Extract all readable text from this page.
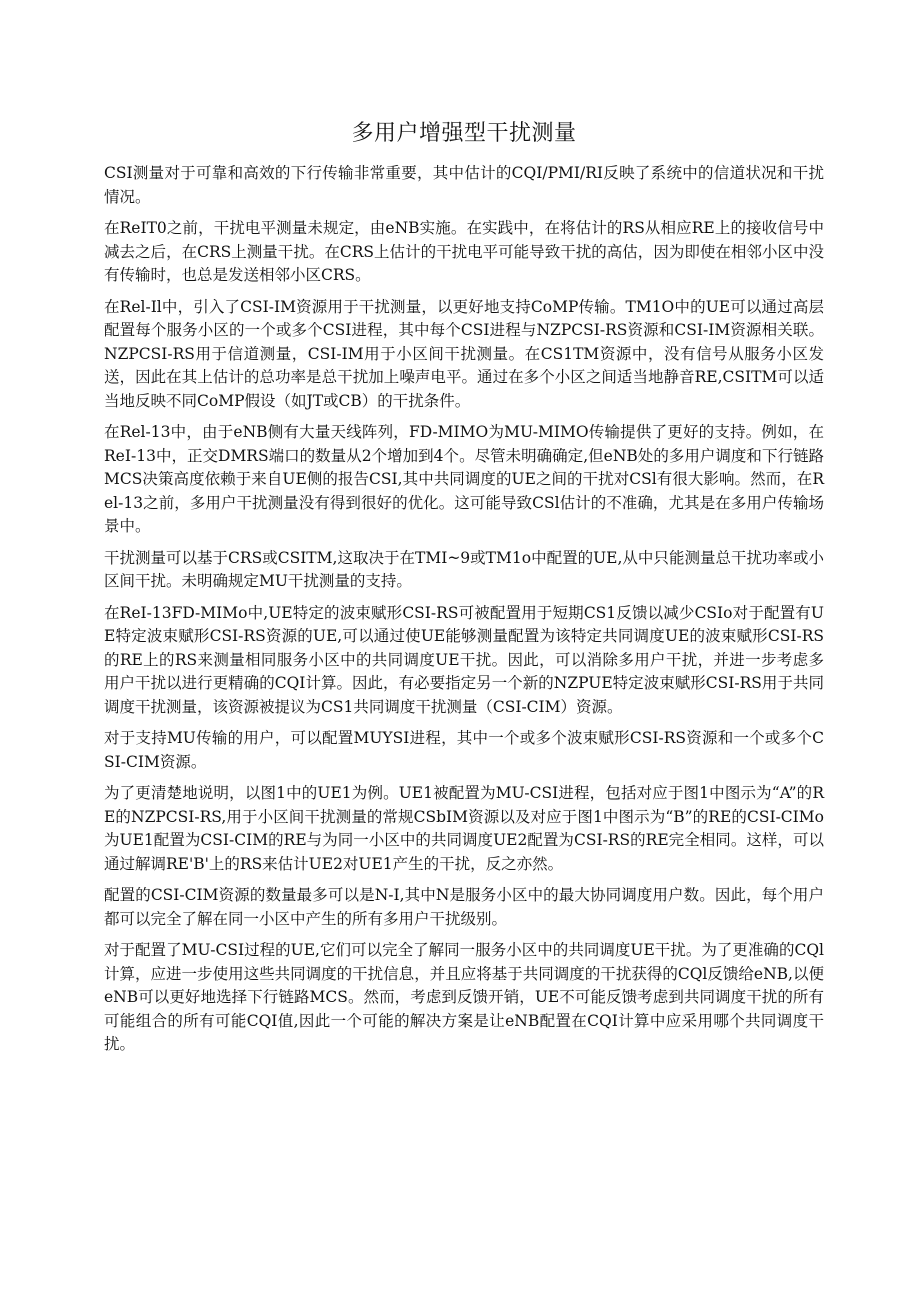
多用户增强型干扰测量

CSI测量对于可靠和高效的下行传输非常重要，其中估计的CQI/PMI/RI反映了系统中的信道状况和干扰情况。

在ReIT0之前，干扰电平测量未规定，由eNB实施。在实践中，在将估计的RS从相应RE上的接收信号中减去之后，在CRS上测量干扰。在CRS上估计的干扰电平可能导致干扰的高估，因为即使在相邻小区中没有传输时，也总是发送相邻小区CRS。

在Rel-Il中，引入了CSI-IM资源用于干扰测量，以更好地支持CoMP传输。TM1O中的UE可以通过高层配置每个服务小区的一个或多个CSI进程，其中每个CSI进程与NZPCSI-RS资源和CSI-IM资源相关联。NZPCSI-RS用于信道测量，CSI-IM用于小区间干扰测量。在CS1TM资源中，没有信号从服务小区发送，因此在其上估计的总功率是总干扰加上噪声电平。通过在多个小区之间适当地静音RE,CSITM可以适当地反映不同CoMP假设（如JT或CB）的干扰条件。

在Rel-13中，由于eNB侧有大量天线阵列，FD-MIMO为MU-MIMO传输提供了更好的支持。例如，在ReI-13中，正交DMRS端口的数量从2个增加到4个。尽管未明确确定,但eNB处的多用户调度和下行链路MCS决策高度依赖于来自UE侧的报告CSI,其中共同调度的UE之间的干扰对CSl有很大影响。然而，在Rel-13之前，多用户干扰测量没有得到很好的优化。这可能导致CSl估计的不准确，尤其是在多用户传输场景中。

干扰测量可以基于CRS或CSITM,这取决于在TMI~9或TM1o中配置的UE,从中只能测量总干扰功率或小区间干扰。未明确规定MU干扰测量的支持。

在ReI-13FD-MIMo中,UE特定的波束赋形CSI-RS可被配置用于短期CS1反馈以减少CSIo对于配置有UE特定波束赋形CSI-RS资源的UE,可以通过使UE能够测量配置为该特定共同调度UE的波束赋形CSI-RS的RE上的RS来测量相同服务小区中的共同调度UE干扰。因此，可以消除多用户干扰，并进一步考虑多用户干扰以进行更精确的CQI计算。因此，有必要指定另一个新的NZPUE特定波束赋形CSI-RS用于共同调度干扰测量，该资源被提议为CS1共同调度干扰测量（CSI-CIM）资源。

对于支持MU传输的用户，可以配置MUYSI进程，其中一个或多个波束赋形CSI-RS资源和一个或多个CSI-CIM资源。

为了更清楚地说明，以图1中的UE1为例。UE1被配置为MU-CSI进程，包括对应于图1中图示为“A”的RE的NZPCSI-RS,用于小区间干扰测量的常规CSbIM资源以及对应于图1中图示为“B”的RE的CSI-CIMo为UE1配置为CSI-CIM的RE与为同一小区中的共同调度UE2配置为CSI-RS的RE完全相同。这样，可以通过解调RE'B'上的RS来估计UE2对UE1产生的干扰，反之亦然。

配置的CSI-CIM资源的数量最多可以是N-I,其中N是服务小区中的最大协同调度用户数。因此，每个用户都可以完全了解在同一小区中产生的所有多用户干扰级别。

对于配置了MU-CSI过程的UE,它们可以完全了解同一服务小区中的共同调度UE干扰。为了更准确的CQl计算，应进一步使用这些共同调度的干扰信息，并且应将基于共同调度的干扰获得的CQl反馈给eNB,以便eNB可以更好地选择下行链路MCS。然而，考虑到反馈开销，UE不可能反馈考虑到共同调度干扰的所有可能组合的所有可能CQI值,因此一个可能的解决方案是让eNB配置在CQI计算中应采用哪个共同调度干扰。
